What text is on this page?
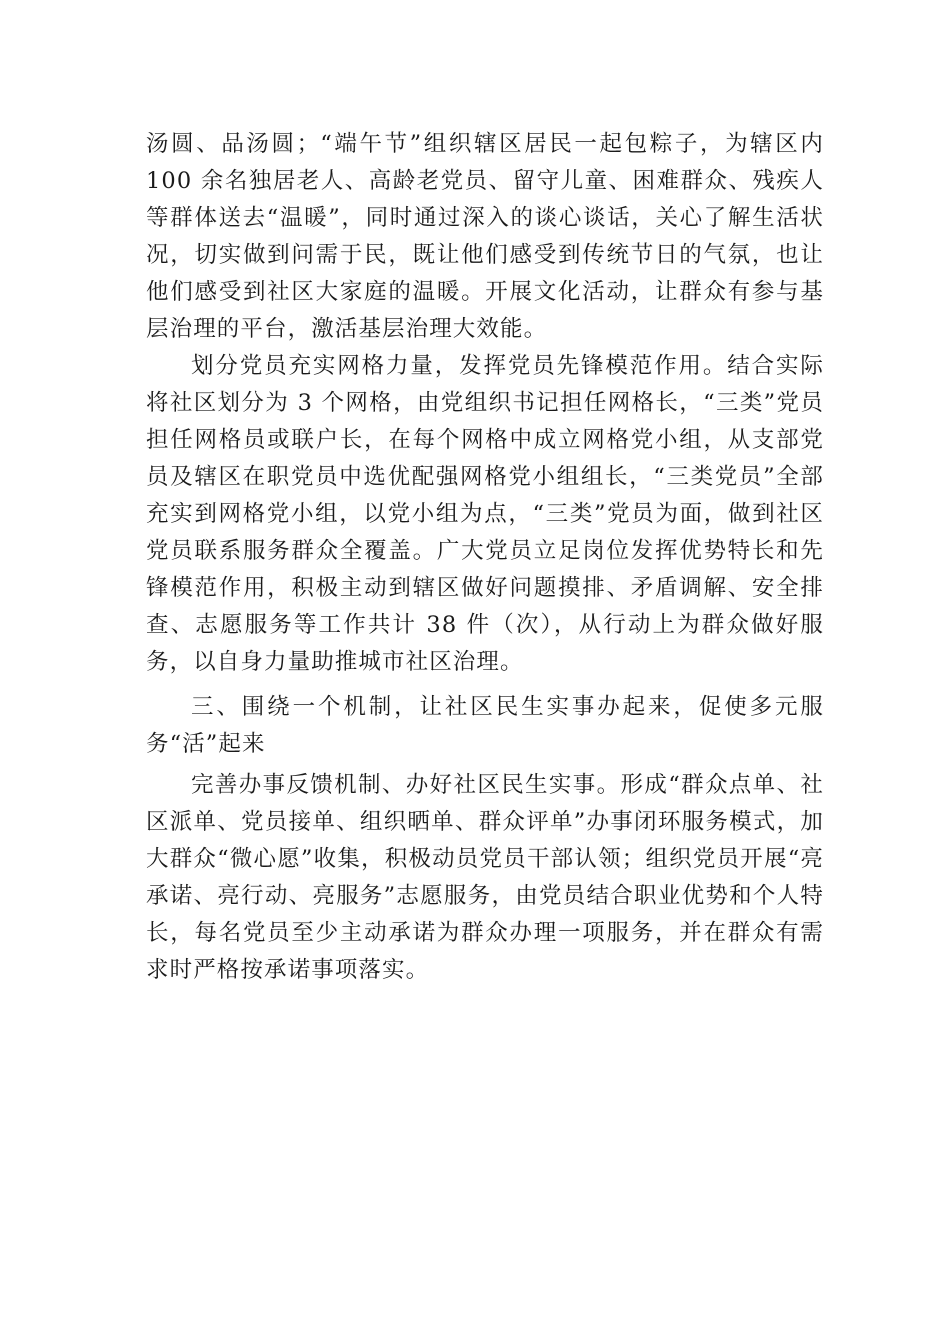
汤圆、品汤圆；“端午节”组织辖区居民一起包粽子，为辖区内 100 余名独居老人、高龄老党员、留守儿童、困难群众、残疾人等群体送去“温暖”，同时通过深入的谈心谈话，关心了解生活状况，切实做到问需于民，既让他们感受到传统节日的气氛，也让他们感受到社区大家庭的温暖。开展文化活动，让群众有参与基层治理的平台，激活基层治理大效能。

划分党员充实网格力量，发挥党员先锋模范作用。结合实际将社区划分为 3 个网格，由党组织书记担任网格长，“三类”党员担任网格员或联户长，在每个网格中成立网格党小组，从支部党员及辖区在职党员中选优配强网格党小组组长，“三类党员”全部充实到网格党小组，以党小组为点，“三类”党员为面，做到社区党员联系服务群众全覆盖。广大党员立足岗位发挥优势特长和先锋模范作用，积极主动到辖区做好问题摸排、矛盾调解、安全排查、志愿服务等工作共计 38 件（次），从行动上为群众做好服务，以自身力量助推城市社区治理。

三、围绕一个机制，让社区民生实事办起来，促使多元服务“活”起来

完善办事反馈机制、办好社区民生实事。形成“群众点单、社区派单、党员接单、组织晒单、群众评单”办事闭环服务模式，加大群众“微心愿”收集，积极动员党员干部认领；组织党员开展“亮承诺、亮行动、亮服务”志愿服务，由党员结合职业优势和个人特长，每名党员至少主动承诺为群众办理一项服务，并在群众有需求时严格按承诺事项落实。
